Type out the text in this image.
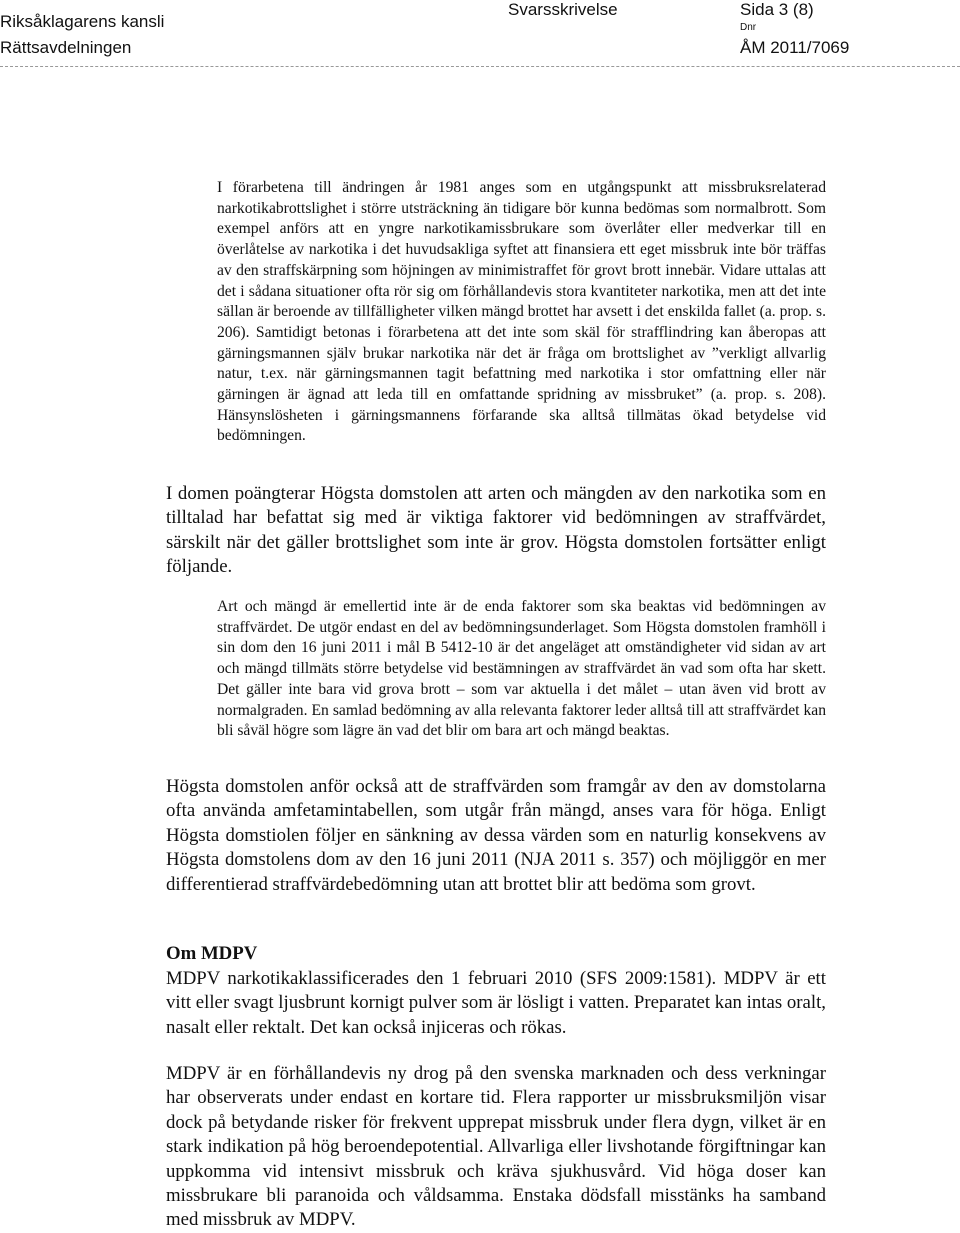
Riksåklagarens kansli
Rättsavdelningen
Svarsskrivelse	Sida 3 (8)
Dnr
ÅM 2011/7069

I förarbetena till ändringen år 1981 anges som en utgångspunkt att missbruksrelaterad narkotikabrottslighet i större utsträckning än tidigare bör kunna bedömas som normalbrott. Som exempel anförs att en yngre narkotikamissbrukare som överlåter eller medverkar till en överlåtelse av narkotika i det huvudsakliga syftet att finansiera ett eget missbruk inte bör träffas av den straffskärpning som höjningen av minimistraffet för grovt brott innebär. Vidare uttalas att det i sådana situationer ofta rör sig om förhållandevis stora kvantiteter narkotika, men att det inte sällan är beroende av tillfälligheter vilken mängd brottet har avsett i det enskilda fallet (a. prop. s. 206). Samtidigt betonas i förarbetena att det inte som skäl för strafflindring kan åberopas att gärningsmannen själv brukar narkotika när det är fråga om brottslighet av ”verkligt allvarlig natur, t.ex. när gärningsmannen tagit befattning med narkotika i stor omfattning eller när gärningen är ägnad att leda till en omfattande spridning av missbruket” (a. prop. s. 208). Hänsynslösheten i gärningsmannens förfarande ska alltså tillmätas ökad betydelse vid bedömningen.

I domen poängterar Högsta domstolen att arten och mängden av den narkotika som en tilltalad har befattat sig med är viktiga faktorer vid bedömningen av straffvärdet, särskilt när det gäller brottslighet som inte är grov. Högsta domstolen fortsätter enligt följande.

Art och mängd är emellertid inte är de enda faktorer som ska beaktas vid bedömningen av straffvärdet. De utgör endast en del av bedömningsunderlaget. Som Högsta domstolen framhöll i sin dom den 16 juni 2011 i mål B 5412-10 är det angeläget att omständigheter vid sidan av art och mängd tillmäts större betydelse vid bestämningen av straffvärdet än vad som ofta har skett. Det gäller inte bara vid grova brott – som var aktuella i det målet – utan även vid brott av normalgraden. En samlad bedömning av alla relevanta faktorer leder alltså till att straffvärdet kan bli såväl högre som lägre än vad det blir om bara art och mängd beaktas.

Högsta domstolen anför också att de straffvärden som framgår av den av domstolarna ofta använda amfetamintabellen, som utgår från mängd, anses vara för höga. Enligt Högsta domstiolen följer en sänkning av dessa värden som en naturlig konsekvens av Högsta domstolens dom av den 16 juni 2011 (NJA 2011 s. 357) och möjliggör en mer differentierad straffvärdebedömning utan att brottet blir att bedöma som grovt.

Om MDPV

MDPV narkotikaklassificerades den 1 februari 2010 (SFS 2009:1581). MDPV är ett vitt eller svagt ljusbrunt kornigt pulver som är lösligt i vatten. Preparatet kan intas oralt, nasalt eller rektalt. Det kan också injiceras och rökas.

MDPV är en förhållandevis ny drog på den svenska marknaden och dess verkningar har observerats under endast en kortare tid. Flera rapporter ur missbruksmiljön visar dock på betydande risker för frekvent upprepat missbruk under flera dygn, vilket är en stark indikation på hög beroendepotential. Allvarliga eller livshotande förgiftningar kan uppkomma vid intensivt missbruk och kräva sjukhusvård. Vid höga doser kan missbrukare bli paranoida och våldsamma. Enstaka dödsfall misstänks ha samband med missbruk av MDPV.
